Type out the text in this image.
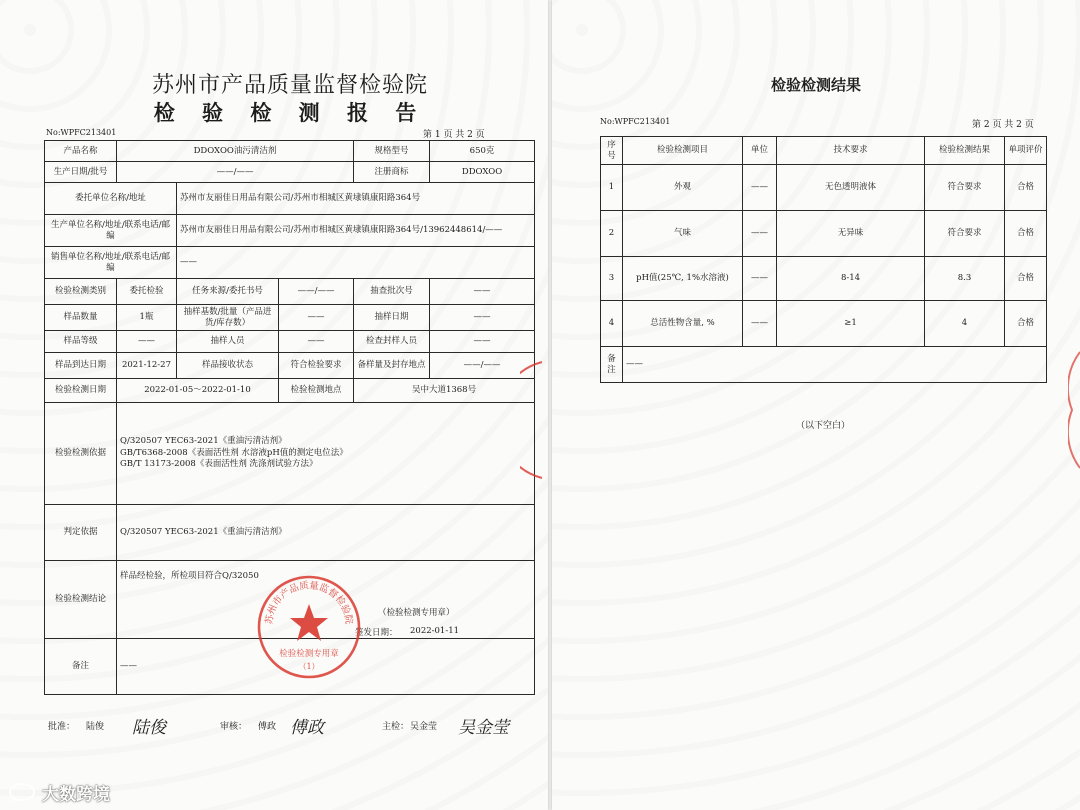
苏州市产品质量监督检验院
检 验 检 测 报 告
No:WPFC213401	第 1 页 共 2 页
产品名称	DDOXOO油污清洁剂			规格型号	650克
生产日期/批号	——/——			注册商标	DDOXOO
委托单位名称/地址		苏州市友丽佳日用品有限公司/苏州市相城区黄埭镇康阳路364号			
生产单位名称/地址/联系电话/邮编		苏州市友丽佳日用品有限公司/苏州市相城区黄埭镇康阳路364号/13962448614/——			
销售单位名称/地址/联系电话/邮编		——			
检验检测类别	委托检验	任务来源/委托书号	——/——	抽查批次号	——
样品数量	1瓶	抽样基数/批量（产品进货/库存数）	——	抽样日期	——
样品等级	——	抽样人员	——	检查封样人员	——
样品到达日期	2021-12-27	样品接收状态	符合检验要求	备样量及封存地点	——/——
检验检测日期	2022-01-05～2022-01-10		检验检测地点	吴中大道1368号	
检验检测依据	Q/320507 YEC63-2021《重油污清洁剂》
GB/T6368-2008《表面活性剂 水溶液pH值的测定电位法》
GB/T 13173-2008《表面活性剂 洗涤剂试验方法》				

判定依据	Q/320507 YEC63-2021《重油污清洁剂》				
检验检测结论	样品经检验，所检项目符合Q/32050				
备注	——				
（检验检测专用章）
签发日期： 2022-01-11
苏州市产品质量监督检验院
检验检测专用章
（1）
批准： 陆俊 陆俊	审核： 傅政 傅政	主检： 吴金莹 吴金莹
检验检测结果
No:WPFC213401	第 2 页 共 2 页
序号	检验检测项目	单位	技术要求	检验检测结果	单项评价
1	外观	——	无色透明液体	符合要求	合格
2	气味	——	无异味	符合要求	合格
3	pH值(25℃, 1%水溶液)	——	8-14	8.3	合格
4	总活性物含量, %	——	≥1	4	合格
备注	——				
（以下空白）
大数跨境
